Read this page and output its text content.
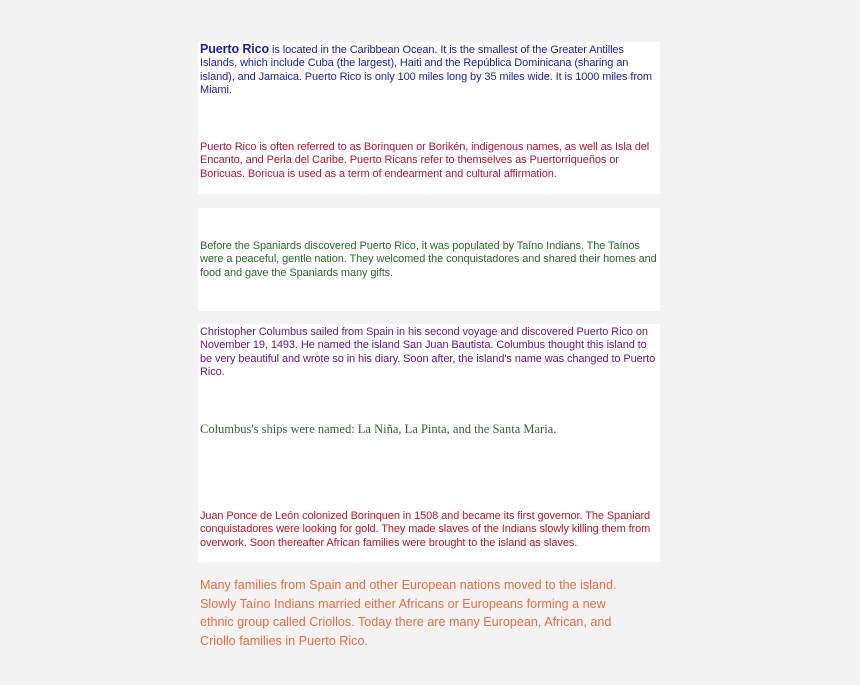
Puerto Rico is located in the Caribbean Ocean. It is the smallest of the Greater Antilles Islands, which include Cuba (the largest), Haiti and the República Dominicana (sharing an island), and Jamaica. Puerto Rico is only 100 miles long by 35 miles wide. It is 1000 miles from Miami.

Puerto Rico is often referred to as Borinquen or Borikén, indigenous names, as well as Isla del Encanto, and Perla del Caribe. Puerto Ricans refer to themselves as Puertorriqueños or Boricuas. Boricua is used as a term of endearment and cultural affirmation.

Before the Spaniards discovered Puerto Rico, it was populated by Taíno Indians. The Taínos were a peaceful, gentle nation. They welcomed the conquistadores and shared their homes and food and gave the Spaniards many gifts.

Christopher Columbus sailed from Spain in his second voyage and discovered Puerto Rico on November 19, 1493. He named the island San Juan Bautista. Columbus thought this island to be very beautiful and wrote so in his diary. Soon after, the island's name was changed to Puerto Rico.

Columbus's ships were named: La Niña, La Pinta, and the Santa Maria.

Juan Ponce de León colonized Borinquen in 1508 and became its first governor. The Spaniard conquistadores were looking for gold. They made slaves of the Indians slowly killing them from overwork. Soon thereafter African families were brought to the island as slaves.

Many families from Spain and other European nations moved to the island. Slowly Taíno Indians married either Africans or Europeans forming a new ethnic group called Criollos. Today there are many European, African, and Criollo families in Puerto Rico.
